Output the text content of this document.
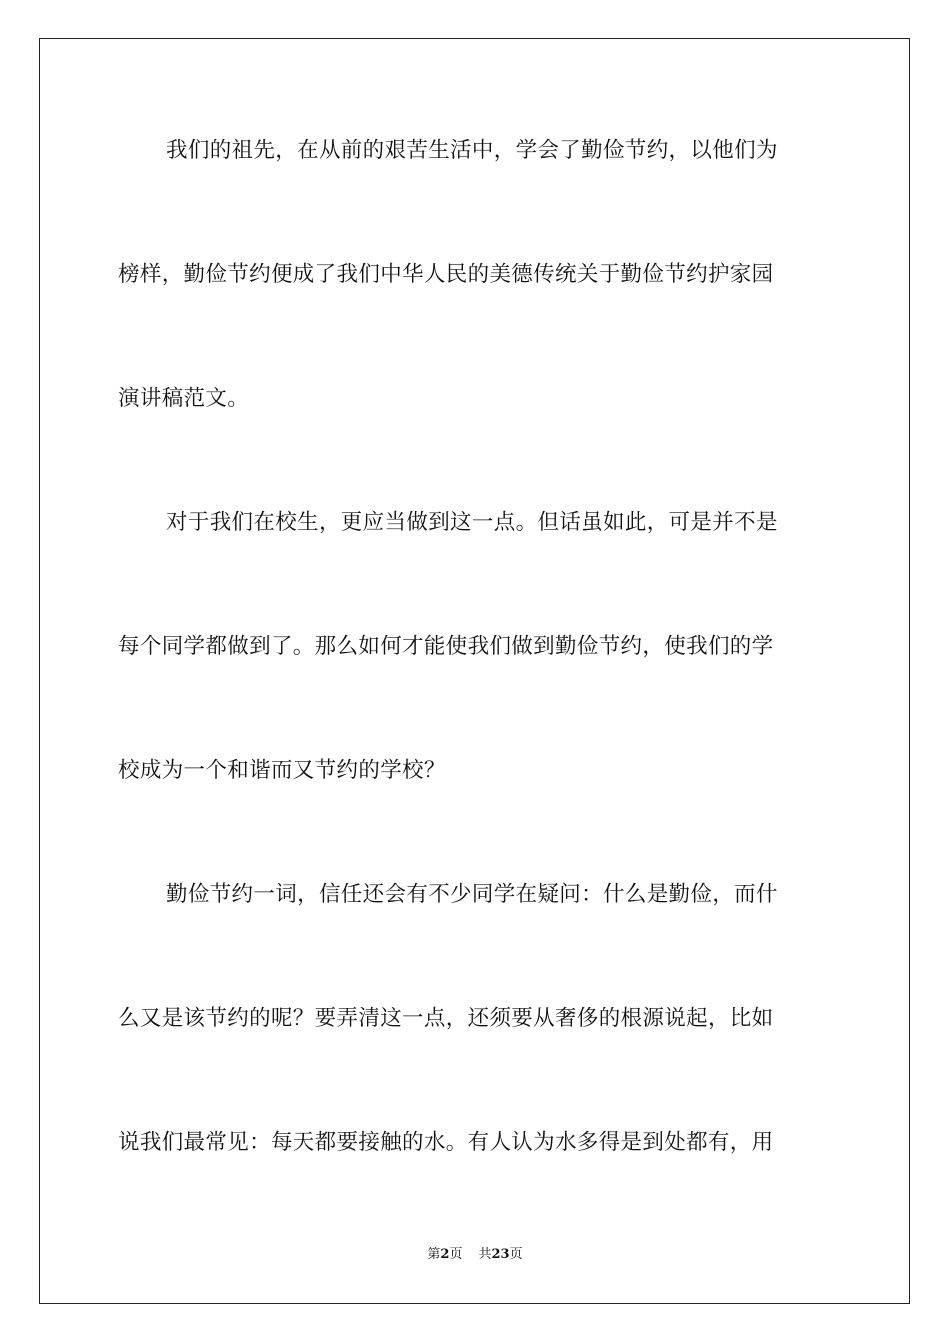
我们的祖先，在从前的艰苦生活中，学会了勤俭节约，以他们为
榜样，勤俭节约便成了我们中华人民的美德传统关于勤俭节约护家园
演讲稿范文。
对于我们在校生，更应当做到这一点。但话虽如此，可是并不是
每个同学都做到了。那么如何才能使我们做到勤俭节约，使我们的学
校成为一个和谐而又节约的学校？
勤俭节约一词，信任还会有不少同学在疑问：什么是勤俭，而什
么又是该节约的呢？要弄清这一点，还须要从奢侈的根源说起，比如
说我们最常见：每天都要接触的水。有人认为水多得是到处都有，用
第2页 共23页
